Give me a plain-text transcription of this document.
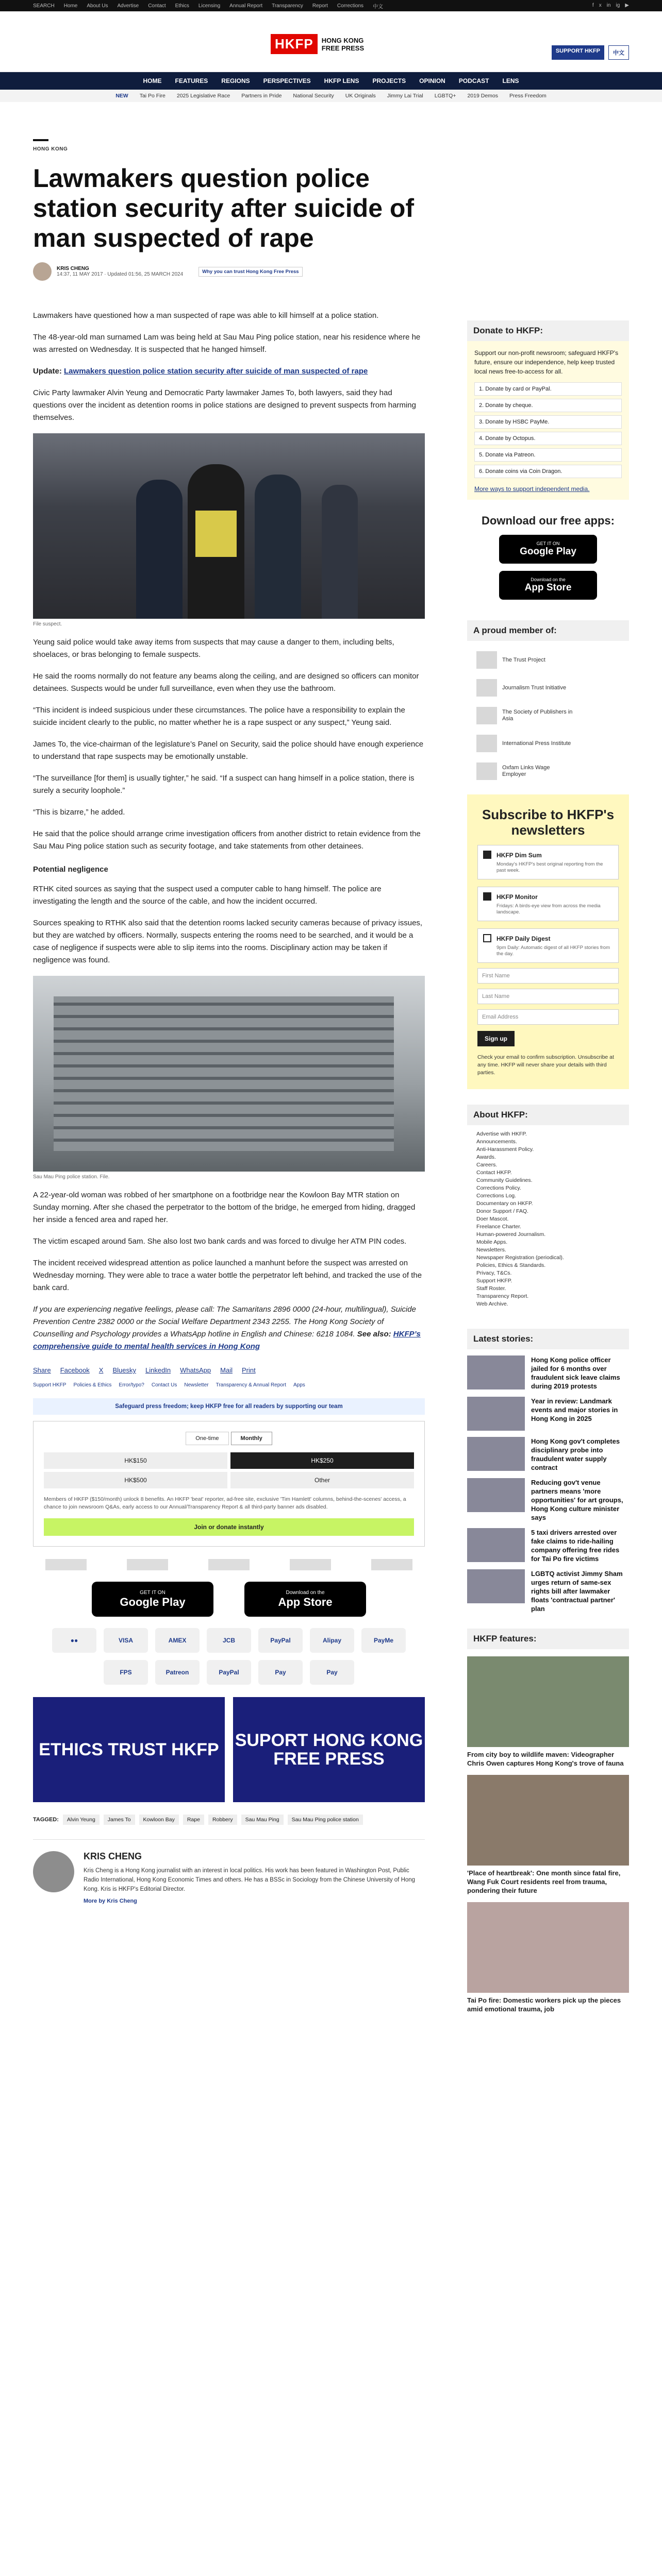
SEARCH Home About Us Advertise Contact Ethics Licensing Annual Report Transparency Report Corrections 中文	f x in ig ▶
HKFP	HONG KONG
FREE PRESS	SUPPORT HKFP	中文
HOME FEATURES REGIONS PERSPECTIVES HKFP LENS PROJECTS OPINION PODCAST LENS
NEW Tai Po Fire 2025 Legislative Race Partners in Pride National Security UK Originals Jimmy Lai Trial LGBTQ+ 2019 Demos Press Freedom
HONG KONG
Lawmakers question police station security after suicide of man suspected of rape
KRIS CHENG
14:37, 11 MAY 2017 · Updated 01:56, 25 MARCH 2024	Why you can trust Hong Kong Free Press

Lawmakers have questioned how a man suspected of rape was able to kill himself at a police station.

The 48-year-old man surnamed Lam was being held at Sau Mau Ping police station, near his residence where he was arrested on Wednesday. It is suspected that he hanged himself.

Update: Lawmakers question police station security after suicide of man suspected of rape

Civic Party lawmaker Alvin Yeung and Democratic Party lawmaker James To, both lawyers, said they had questions over the incident as detention rooms in police stations are designed to prevent suspects from harming themselves.

File suspect.

Yeung said police would take away items from suspects that may cause a danger to them, including belts, shoelaces, or bras belonging to female suspects.

He said the rooms normally do not feature any beams along the ceiling, and are designed so officers can monitor detainees. Suspects would be under full surveillance, even when they use the bathroom.

“This incident is indeed suspicious under these circumstances. The police have a responsibility to explain the suicide incident clearly to the public, no matter whether he is a rape suspect or any suspect,” Yeung said.

James To, the vice-chairman of the legislature’s Panel on Security, said the police should have enough experience to understand that rape suspects may be emotionally unstable.

“The surveillance [for them] is usually tighter,” he said. “If a suspect can hang himself in a police station, there is surely a security loophole.”

“This is bizarre,” he added.

He said that the police should arrange crime investigation officers from another district to retain evidence from the Sau Mau Ping police station such as security footage, and take statements from other detainees.

Potential negligence

RTHK cited sources as saying that the suspect used a computer cable to hang himself. The police are investigating the length and the source of the cable, and how the incident occurred.

Sources speaking to RTHK also said that the detention rooms lacked security cameras because of privacy issues, but they are watched by officers. Normally, suspects entering the rooms need to be searched, and it would be a case of negligence if suspects were able to slip items into the rooms. Disciplinary action may be taken if negligence was found.

Sau Mau Ping police station. File.

A 22-year-old woman was robbed of her smartphone on a footbridge near the Kowloon Bay MTR station on Sunday morning. After she chased the perpetrator to the bottom of the bridge, he emerged from hiding, dragged her inside a fenced area and raped her.

The victim escaped around 5am. She also lost two bank cards and was forced to divulge her ATM PIN codes.

The incident received widespread attention as police launched a manhunt before the suspect was arrested on Wednesday morning. They were able to trace a water bottle the perpetrator left behind, and tracked the use of the bank card.

If you are experiencing negative feelings, please call: The Samaritans 2896 0000 (24-hour, multilingual), Suicide Prevention Centre 2382 0000 or the Social Welfare Department 2343 2255. The Hong Kong Society of Counselling and Psychology provides a WhatsApp hotline in English and Chinese: 6218 1084. See also: HKFP’s comprehensive guide to mental health services in Hong Kong

Share Facebook X Bluesky LinkedIn WhatsApp Mail Print
Support HKFP Policies & Ethics Error/typo? Contact Us Newsletter Transparency & Annual Report Apps
Safeguard press freedom; keep HKFP free for all readers by supporting our team
One-time	Monthly
HK$150	HK$250
HK$500	Other
Members of HKFP ($150/month) unlock 8 benefits. An HKFP 'beat' reporter, ad-free site, exclusive 'Tim Hamlett' columns, behind-the-scenes' access, a chance to join newsroom Q&As, early access to our Annual/Transparency Report & all third-party banner ads disabled.
Join or donate instantly
GET IT ON
Google Play
Download on the
App Store
●●	VISA	AMEX	JCB	PayPal	Alipay	PayMe
FPS	Patreon	PayPal	Pay	Pay
ETHICS TRUST HKFP SUPORT HONG KONG FREE PRESS
TAGGED:	Alvin Yeung	James To	Kowloon Bay	Rape	Robbery	Sau Mau Ping	Sau Mau Ping police station
KRIS CHENG

Kris Cheng is a Hong Kong journalist with an interest in local politics. His work has been featured in Washington Post, Public Radio International, Hong Kong Economic Times and others. He has a BSSc in Sociology from the Chinese University of Hong Kong. Kris is HKFP's Editorial Director.

More by Kris Cheng
Donate to HKFP:

Support our non-profit newsroom; safeguard HKFP's future, ensure our independence, help keep trusted local news free-to-access for all.

1. Donate by card or PayPal.
2. Donate by cheque.
3. Donate by HSBC PayMe.
4. Donate by Octopus.
5. Donate via Patreon.
6. Donate coins via Coin Dragon.
More ways to support independent media.
Download our free apps:
GET IT ON
Google Play
Download on the
App Store
A proud member of:
The Trust Project
Journalism Trust Initiative
The Society of Publishers in Asia
International Press Institute
Oxfam Links Wage Employer
Subscribe to HKFP's newsletters
HKFP Dim Sum
Monday's HKFP's best original reporting from the past week.
HKFP Monitor
Fridays: A birds-eye view from across the media landscape.
HKFP Daily Digest
9pm Daily: Automatic digest of all HKFP stories from the day.
First Name
Last Name
Email Address
Sign up
Check your email to confirm subscription. Unsubscribe at any time. HKFP will never share your details with third parties.
About HKFP:
Advertise with HKFP.
Announcements.
Anti-Harassment Policy.
Awards.
Careers.
Contact HKFP.
Community Guidelines.
Corrections Policy.
Corrections Log.
Documentary on HKFP.
Donor Support / FAQ.
Doer Mascot.
Freelance Charter.
Human-powered Journalism.
Mobile Apps.
Newsletters.
Newspaper Registration (periodical).
Policies, Ethics & Standards.
Privacy, T&Cs.
Support HKFP.
Staff Roster.
Transparency Report.
Web Archive.
Latest stories:
Hong Kong police officer jailed for 6 months over fraudulent sick leave claims during 2019 protests
Year in review: Landmark events and major stories in Hong Kong in 2025
Hong Kong gov't completes disciplinary probe into fraudulent water supply contract
Reducing gov't venue partners means 'more opportunities' for art groups, Hong Kong culture minister says
5 taxi drivers arrested over fake claims to ride-hailing company offering free rides for Tai Po fire victims
LGBTQ activist Jimmy Sham urges return of same-sex rights bill after lawmaker floats 'contractual partner' plan
HKFP features:
From city boy to wildlife maven: Videographer Chris Owen captures Hong Kong's trove of fauna
'Place of heartbreak': One month since fatal fire, Wang Fuk Court residents reel from trauma, pondering their future
Tai Po fire: Domestic workers pick up the pieces amid emotional trauma, job
